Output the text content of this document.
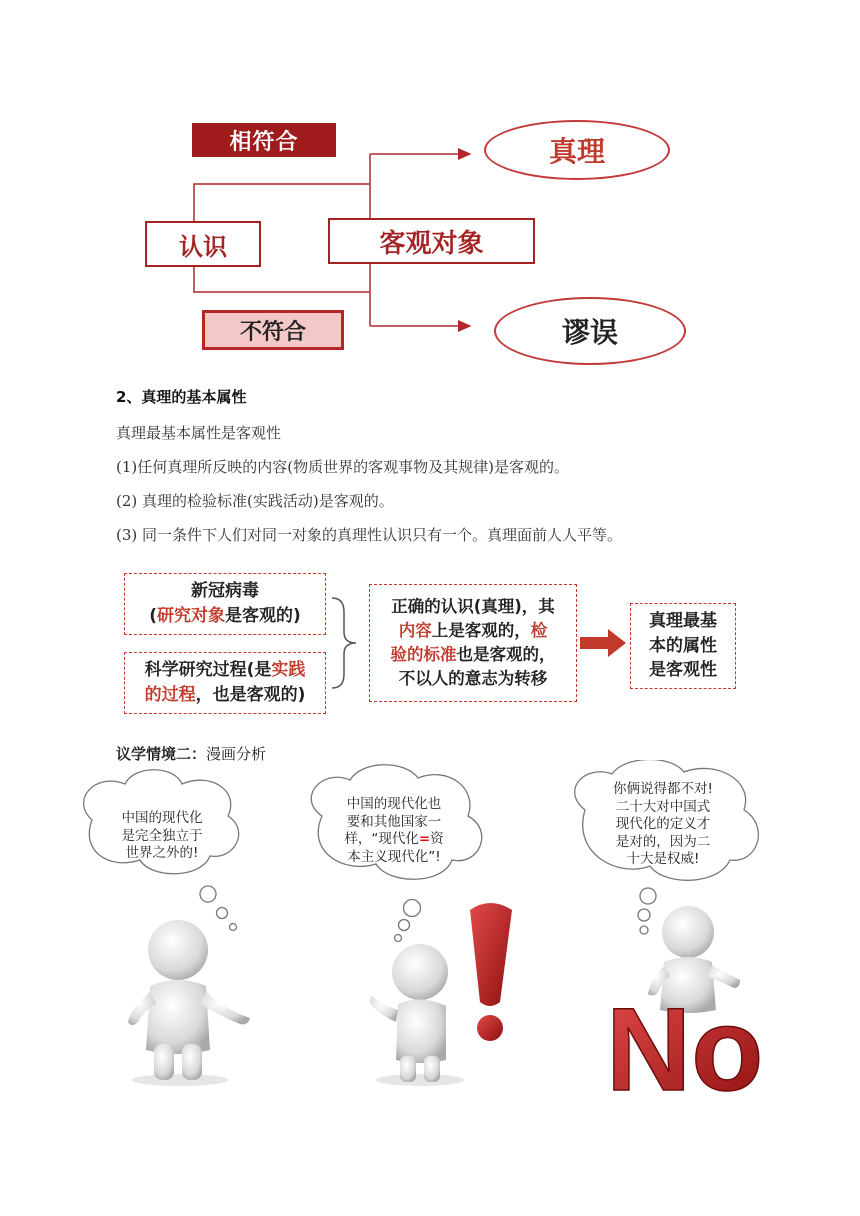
相符合
认识	客观对象
不符合
真理
谬误
2、真理的基本属性
真理最基本属性是客观性
(1)任何真理所反映的内容(物质世界的客观事物及其规律)是客观的。
(2) 真理的检验标准(实践活动)是客观的。
(3) 同一条件下人们对同一对象的真理性认识只有一个。真理面前人人平等。
新冠病毒
(研究对象是客观的)
科学研究过程(是实践
的过程，也是客观的)
正确的认识(真理)，其
内容上是客观的，检
验的标准也是客观的，
不以人的意志为转移
真理最基
本的属性
是客观性
议学情境二：漫画分析
No
中国的现代化
是完全独立于
世界之外的!
中国的现代化也
要和其他国家一
样，“现代化=资
本主义现代化”!
你俩说得都不对!
二十大对中国式
现代化的定义才
是对的，因为二
十大是权威!
